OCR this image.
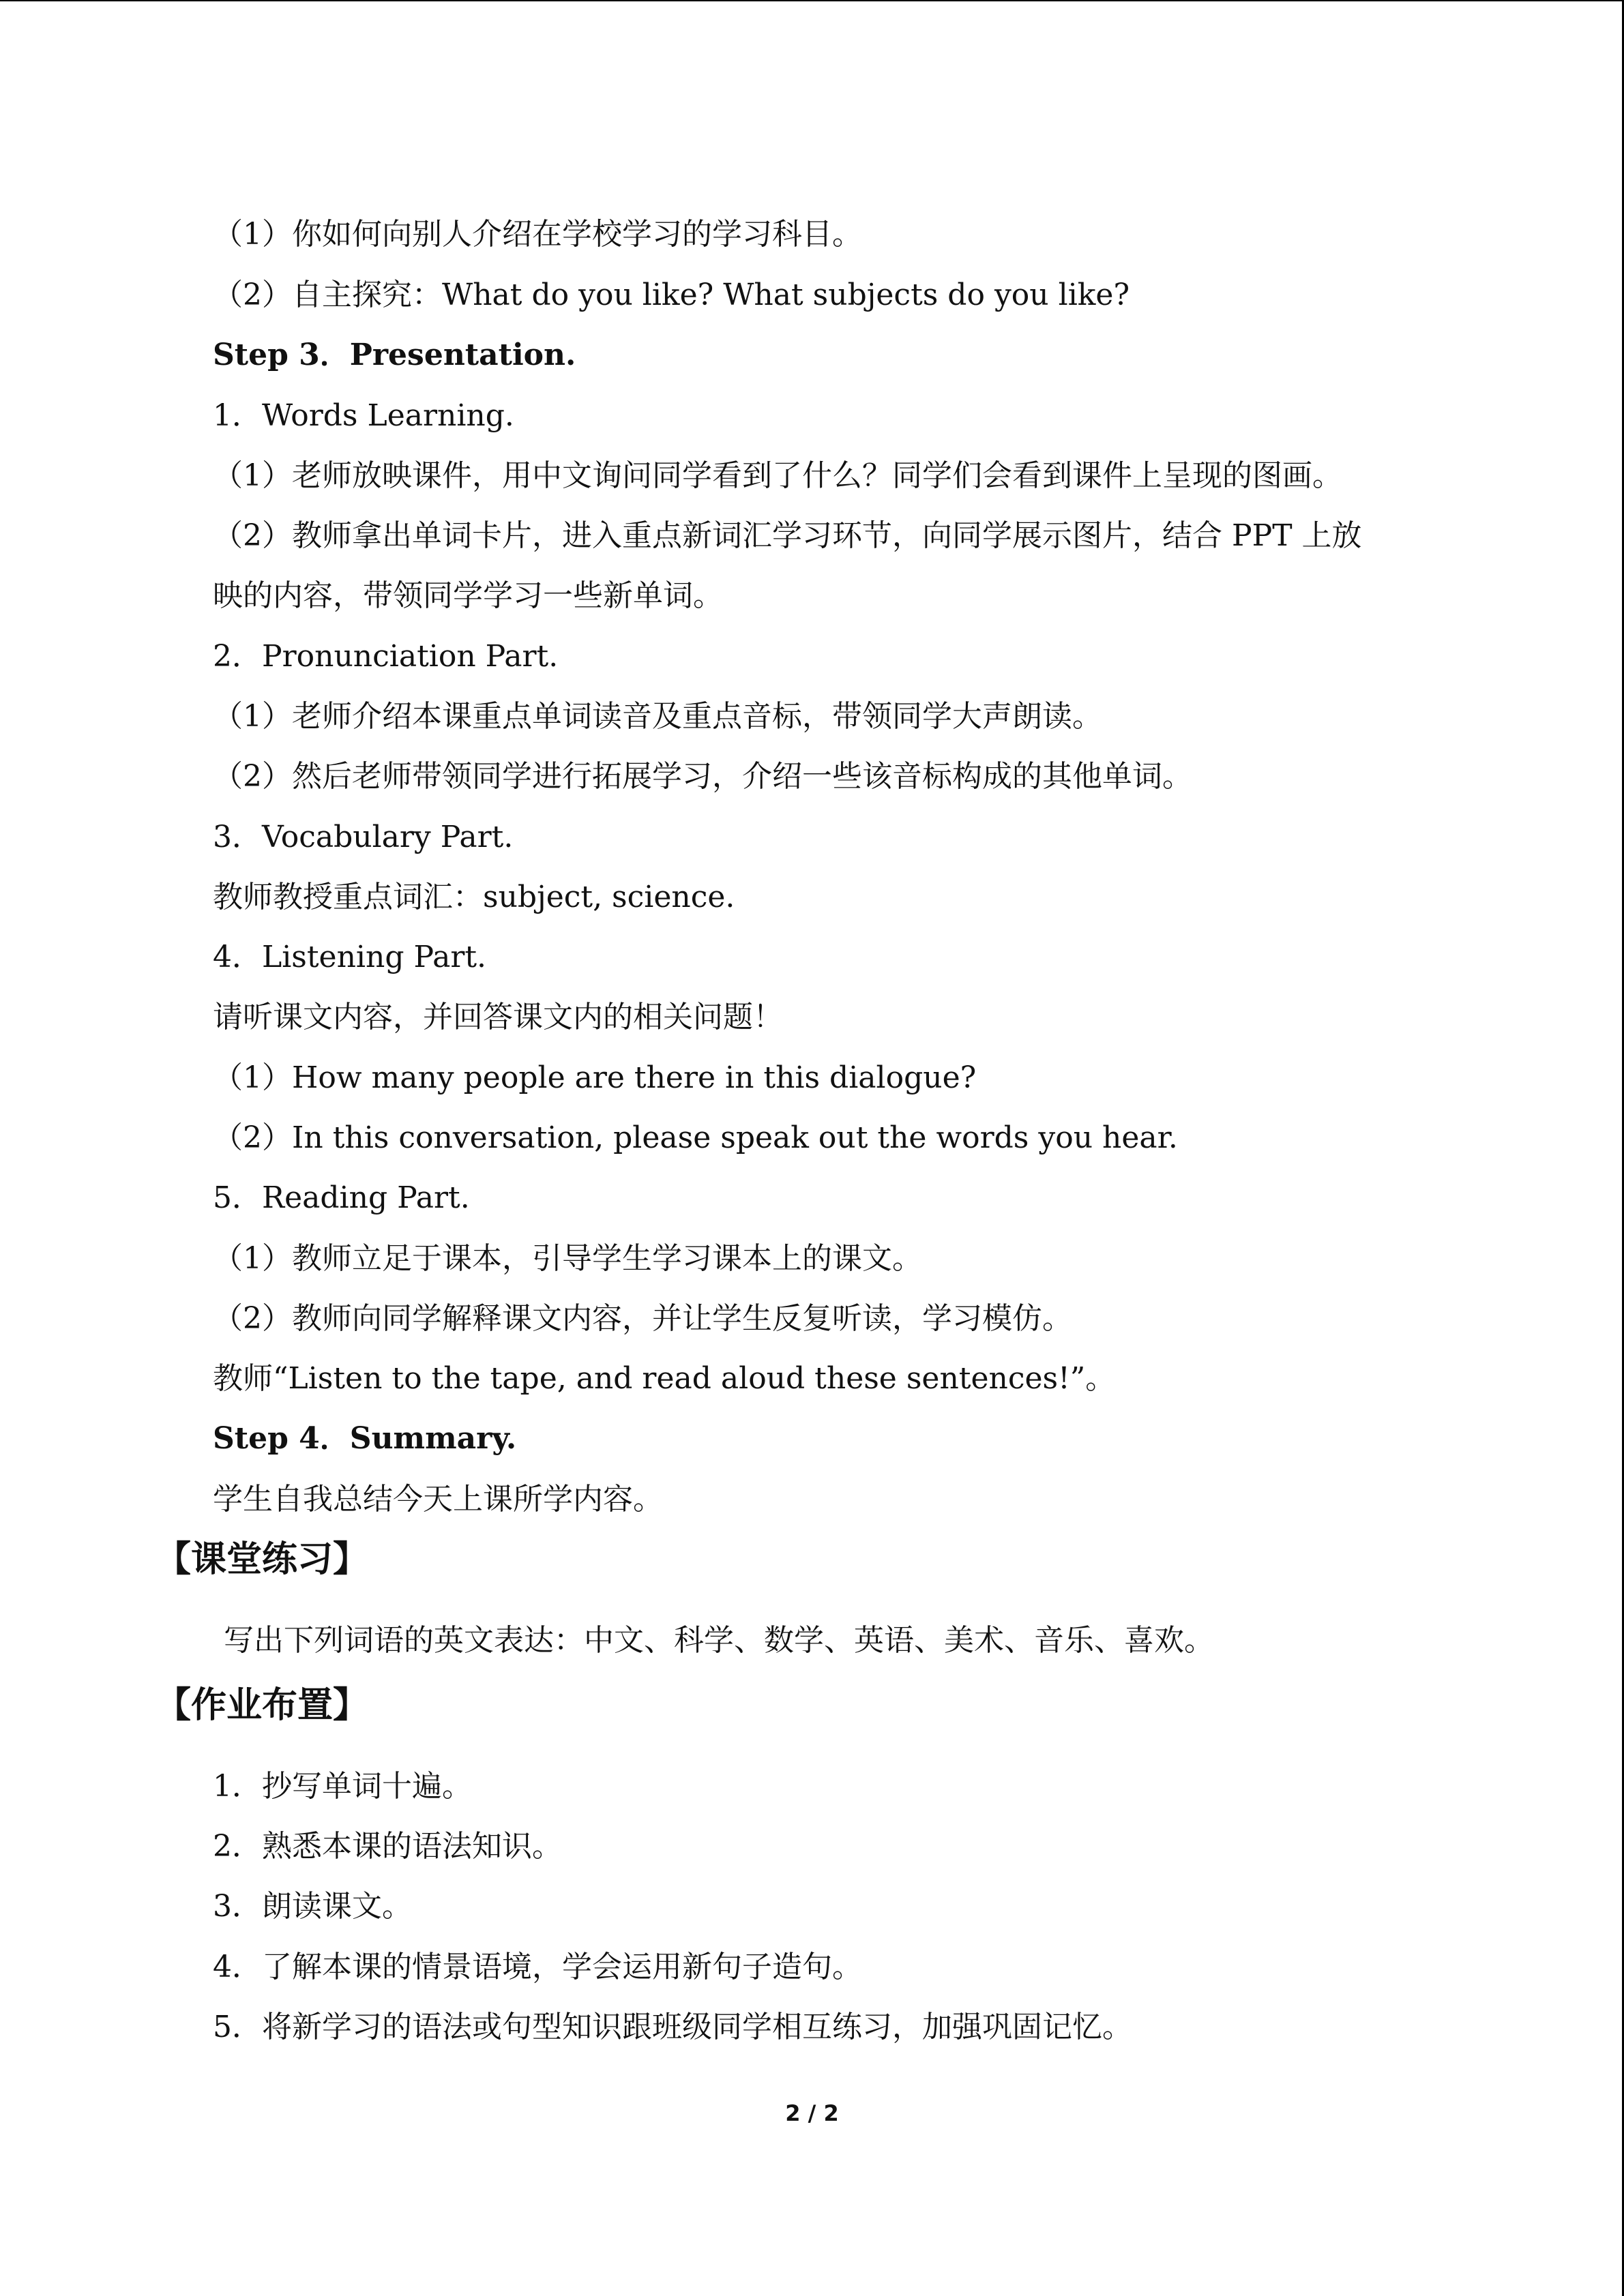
（1）你如何向别人介绍在学校学习的学习科目。
（2）自主探究：What do you like? What subjects do you like?
Step 3．Presentation.
1．Words Learning.
（1）老师放映课件，用中文询问同学看到了什么？同学们会看到课件上呈现的图画。
（2）教师拿出单词卡片，进入重点新词汇学习环节，向同学展示图片，结合 PPT 上放
映的内容，带领同学学习一些新单词。
2．Pronunciation Part.
（1）老师介绍本课重点单词读音及重点音标，带领同学大声朗读。
（2）然后老师带领同学进行拓展学习，介绍一些该音标构成的其他单词。
3．Vocabulary Part.
教师教授重点词汇：subject, science.
4．Listening Part.
请听课文内容，并回答课文内的相关问题！
（1）How many people are there in this dialogue?
（2）In this conversation, please speak out the words you hear.
5．Reading Part.
（1）教师立足于课本，引导学生学习课本上的课文。
（2）教师向同学解释课文内容，并让学生反复听读，学习模仿。
教师“Listen to the tape, and read aloud these sentences!”。
Step 4．Summary.
学生自我总结今天上课所学内容。
【课堂练习】
写出下列词语的英文表达：中文、科学、数学、英语、美术、音乐、喜欢。
【作业布置】
1．抄写单词十遍。
2．熟悉本课的语法知识。
3．朗读课文。
4．了解本课的情景语境，学会运用新句子造句。
5．将新学习的语法或句型知识跟班级同学相互练习，加强巩固记忆。
2 / 2
